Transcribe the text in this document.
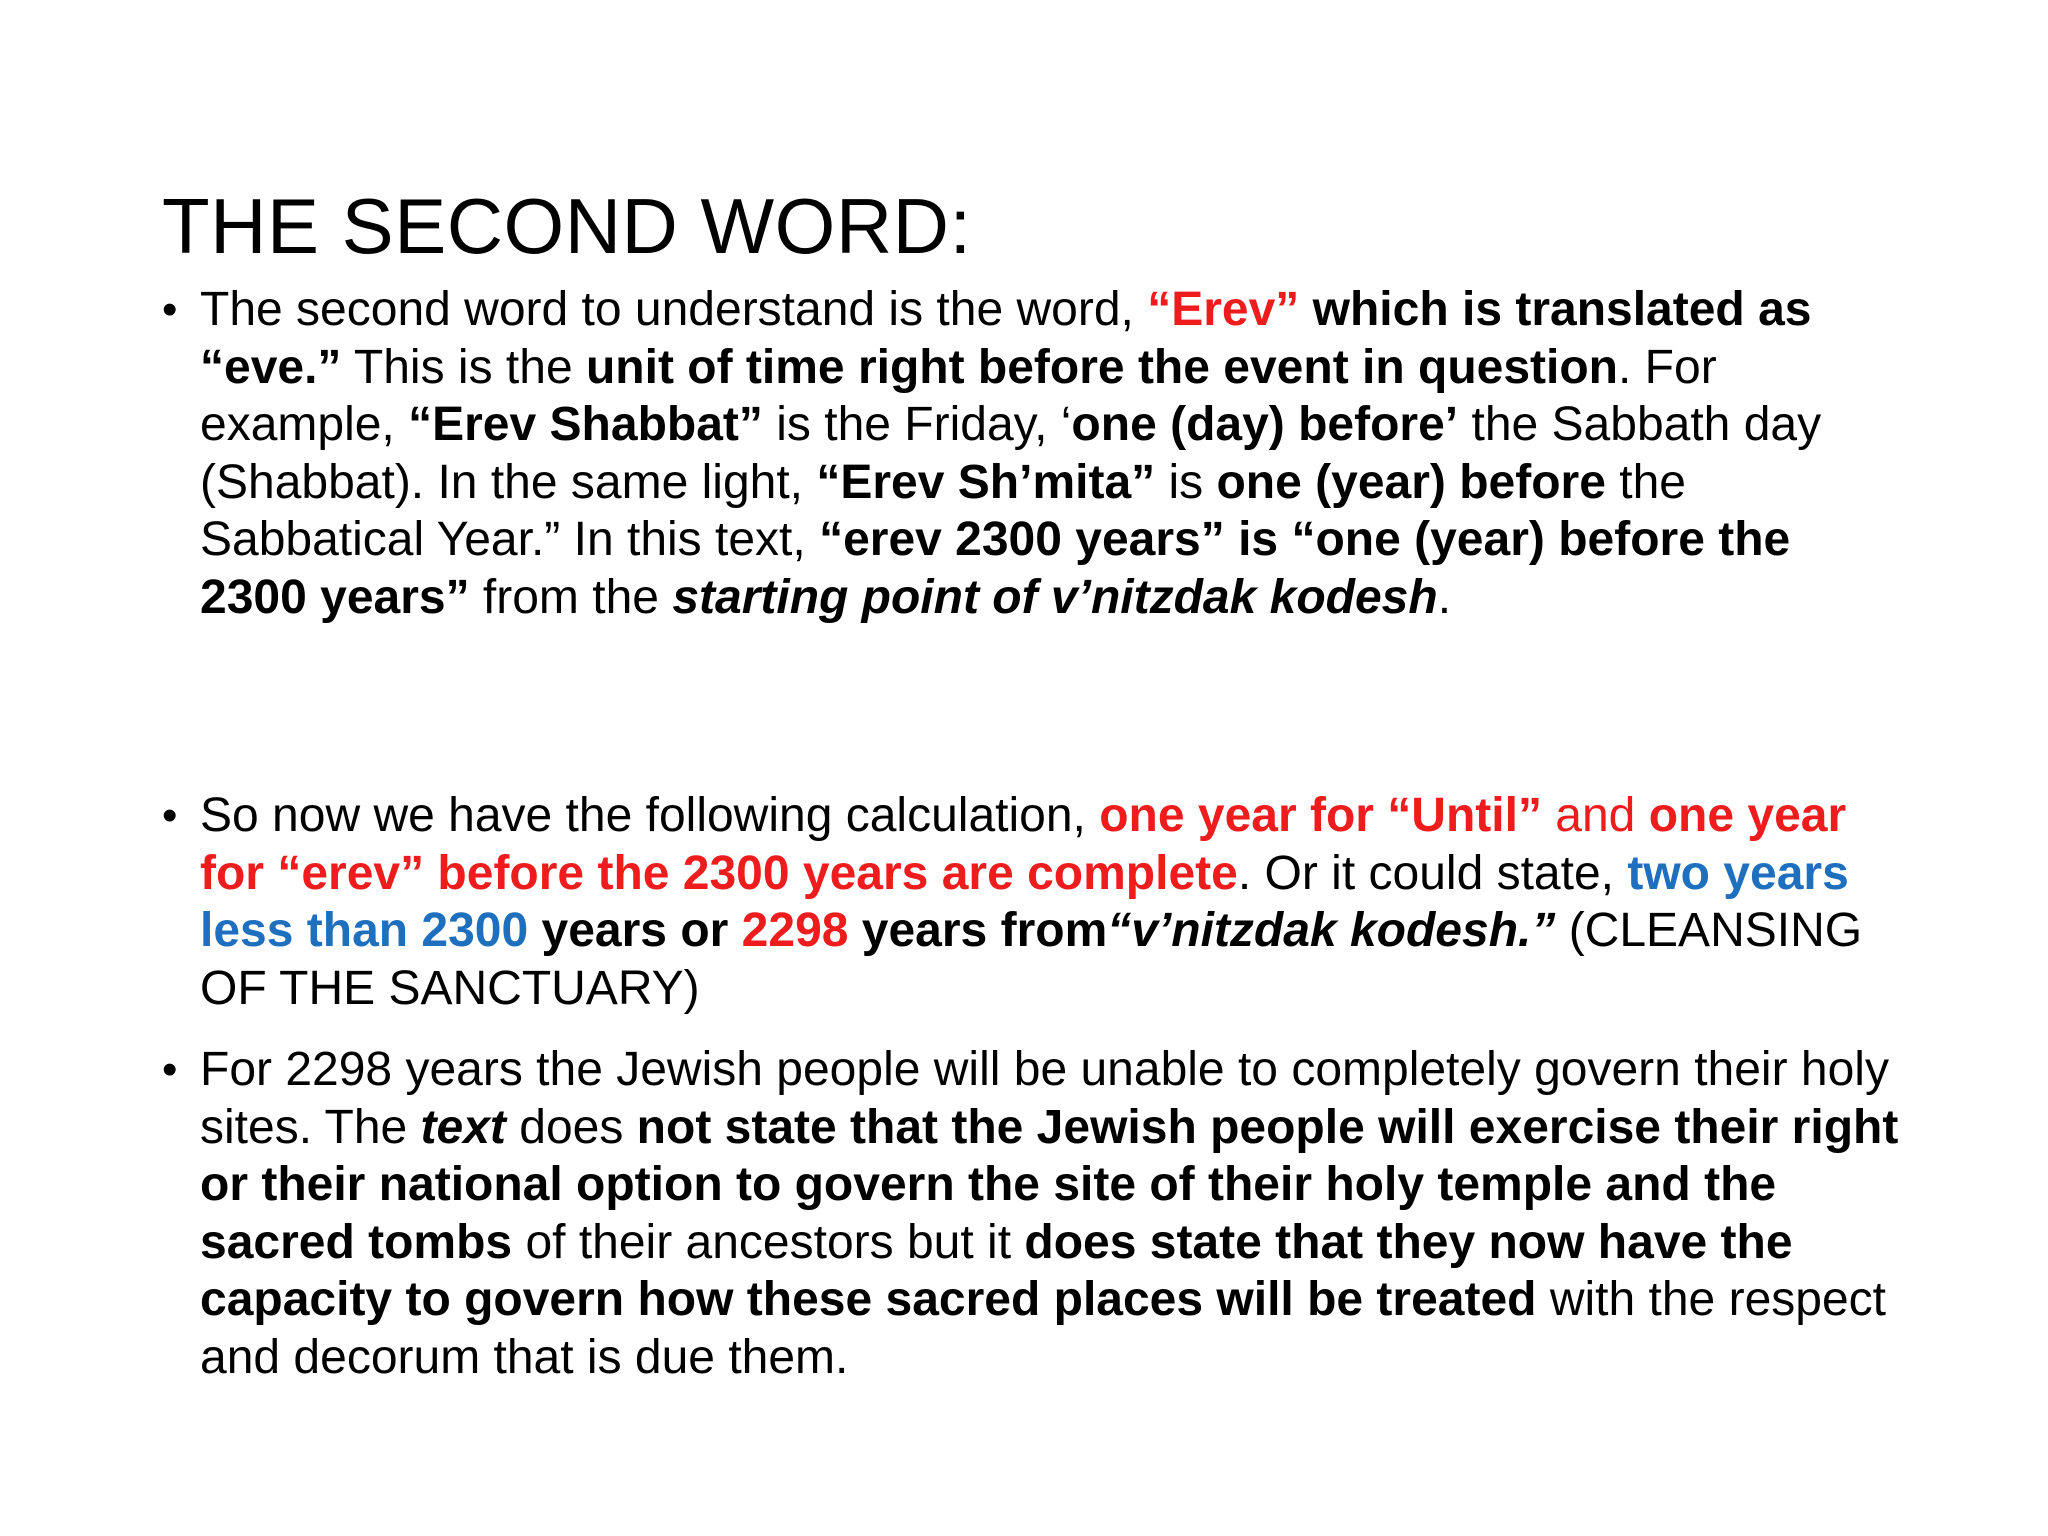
THE SECOND WORD:
• The second word to understand is the word, “Erev” which is translated as “eve.” This is the unit of time right before the event in question. For example, “Erev Shabbat” is the Friday, ‘one (day) before’ the Sabbath day (Shabbat). In the same light, “Erev Sh’mita” is one (year) before the Sabbatical Year.” In this text, “erev 2300 years” is “one (year) before the 2300 years” from the starting point of v’nitzdak kodesh.
• So now we have the following calculation, one year for “Until” and one year for “erev” before the 2300 years are complete. Or it could state, two years less than 2300 years or 2298 years from“v’nitzdak kodesh.” (CLEANSING OF THE SANCTUARY)
• For 2298 years the Jewish people will be unable to completely govern their holy sites. The text does not state that the Jewish people will exercise their right or their national option to govern the site of their holy temple and the sacred tombs of their ancestors but it does state that they now have the capacity to govern how these sacred places will be treated with the respect and decorum that is due them.
